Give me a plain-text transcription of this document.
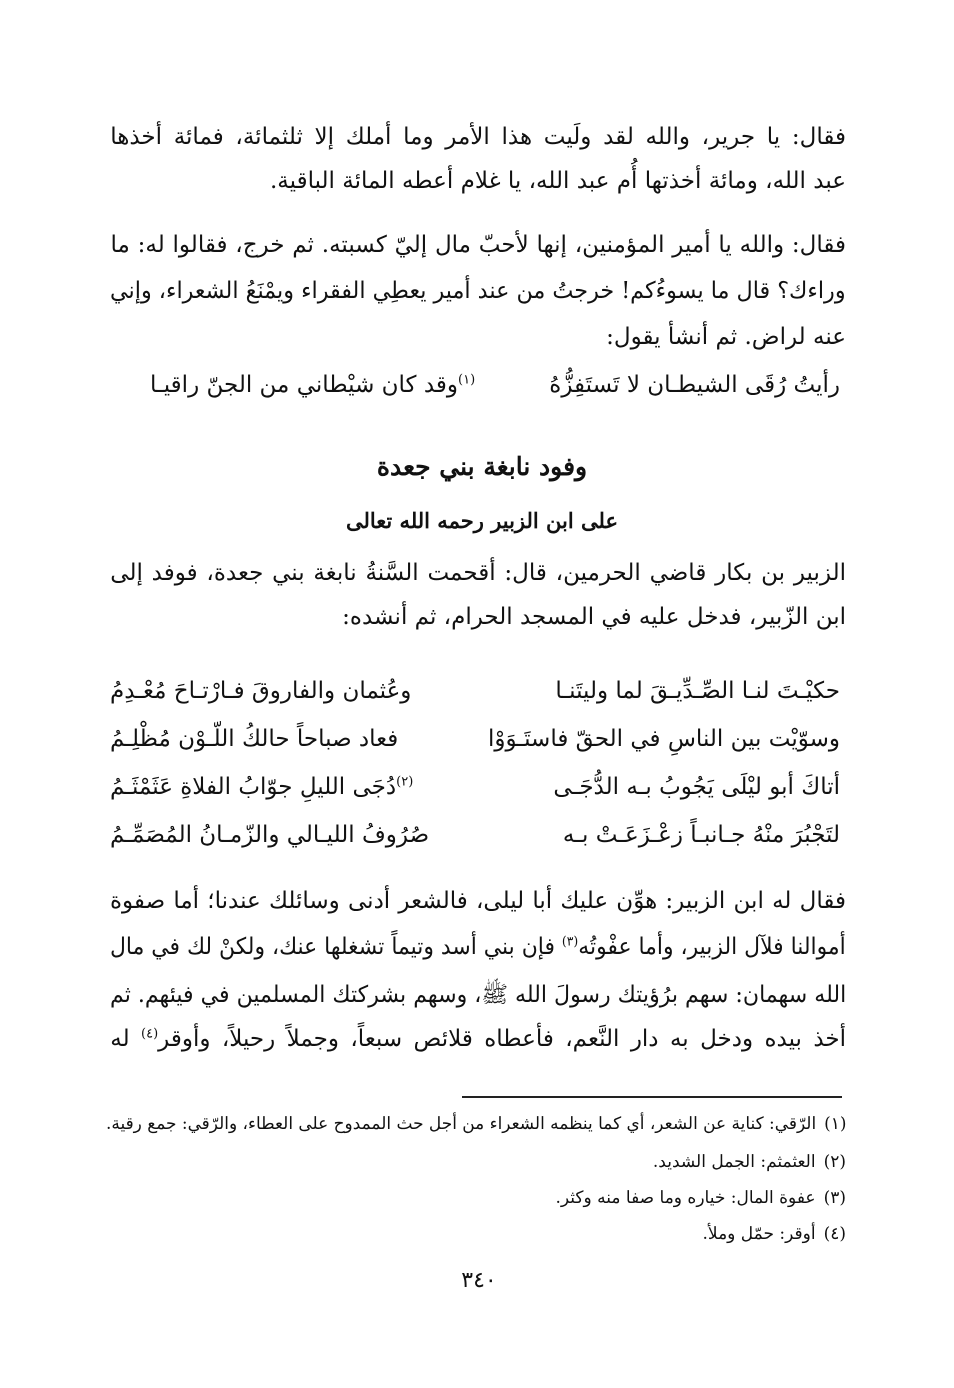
فقال: يا جرير، والله لقد ولَيت هذا الأمر وما أملك إلا ثلثمائة، فمائة أخذها
عبد الله، ومائة أخذتها أُم عبد الله، يا غلام أعطه المائة الباقية.
فقال: والله يا أمير المؤمنين، إنها لأحبّ مال إليّ كسبته. ثم خرج، فقالوا له: ما
وراءك؟ قال ما يسوءُكم! خرجتُ من عند أمير يعطِي الفقراء ويمْنَعُ الشعراء، وإني
عنه لراض. ثم أنشأ يقول:
رأيتُ رُقَى الشيطـان لا تَستَفِزُّهُ
$^{(١)}$وقد كان شيْطاني من الجنّ راقيـا
وفود نابغة بني جعدة
على ابن الزبير رحمه الله تعالى
الزبير بن بكار قاضي الحرمين، قال: أقحمت السَّنةُ نابغة بني جعدة، فوفد إلى
ابن الزّبير، فدخل عليه في المسجد الحرام، ثم أنشده:
حكيْـتَ لنـا الصِّـدِّيـقَ لما وليتَنـا
وعُثمان والفاروقَ فـارْتـاحَ مُعْـدِمُ
وسوّيْت بين الناسِ في الحقّ فاستَـوَوْا
فعاد صباحاً حالكُ اللّـوْن مُظْلِـمُ
أتاكَ أبو ليْلَى يَجُوبُ بـه الدُّجَـى
$^{(٢)}$دُجَى الليلِ جوّابُ الفلاةِ عَثَمْثَـمُ
لتَجْبُرَ منْهُ جـانبـاً زعْـزَعَـتْ بـه
صُرُوفُ الليـالي والزّمـانُ المُصَمِّـمُ
فقال له ابن الزبير: هوِّن عليك أبا ليلى، فالشعر أدنى وسائلك عندنا؛ أما صفوة
أموالنا فلآل الزبير، وأما عفْوتُه$^{(٣)}$ فإن بني أسد وتيماً تشغلها عنك، ولكنْ لك في مال
الله سهمان: سهم برُؤيتك رسولَ الله ﷺ، وسهم بشركتك المسلمين في فيئهم. ثم
أخذ بيده ودخل به دار النَّعم، فأعطاه قلائص سبعاً، وجملاً رحيلاً، وأوقر$^{(٤)}$ له
(١)الرّقي: كناية عن الشعر، أي كما ينظمه الشعراء من أجل حث الممدوح على العطاء، والرّقي: جمع رقية.
(٢)العثمثم: الجمل الشديد.
(٣)عفوة المال: خياره وما صفا منه وكثر.
(٤)أوقر: حمّل وملأ.
٣٤٠
